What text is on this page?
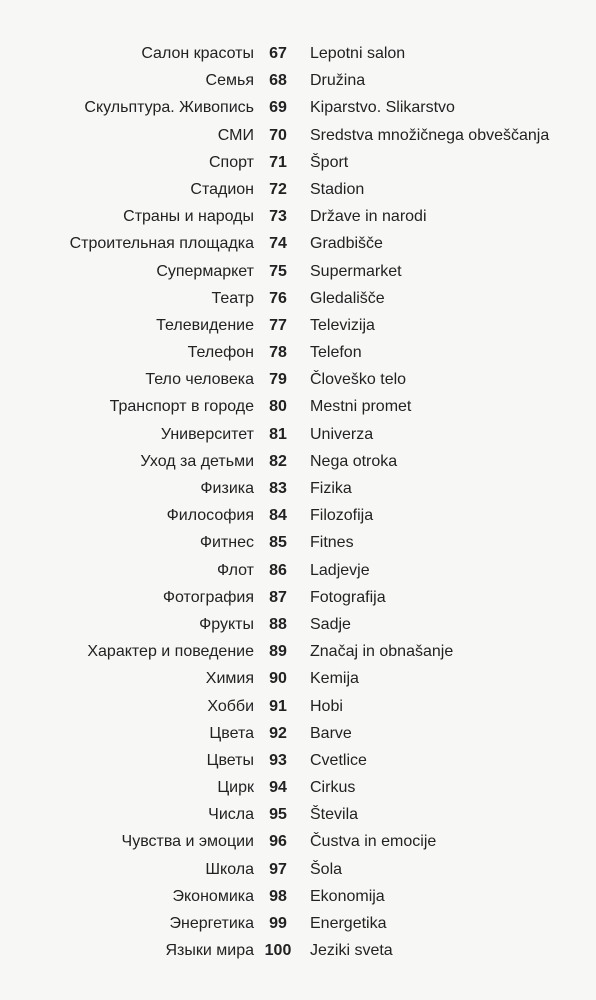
Салон красоты 67	Lepotni salon
Семья 68	Družina
Скульптура. Живопись 69	Kiparstvo. Slikarstvo
СМИ 70	Sredstva množičnega obveščanja
Спорт 71	Šport
Стадион 72	Stadion
Страны и народы 73	Države in narodi
Строительная площадка 74	Gradbišče
Супермаркет 75	Supermarket
Театр 76	Gledališče
Телевидение 77	Televizija
Телефон 78	Telefon
Тело человека 79	Človeško telo
Транспорт в городе 80	Mestni promet
Университет 81	Univerza
Уход за детьми 82	Nega otroka
Физика 83	Fizika
Философия 84	Filozofija
Фитнес 85	Fitnes
Флот 86	Ladjevje
Фотография 87	Fotografija
Фрукты 88	Sadje
Характер и поведение 89	Značaj in obnašanje
Химия 90	Kemija
Хобби 91	Hobi
Цвета 92	Barve
Цветы 93	Cvetlice
Цирк 94	Cirkus
Числа 95	Števila
Чувства и эмоции 96	Čustva in emocije
Школа 97	Šola
Экономика 98	Ekonomija
Энергетика 99	Energetika
Языки мира 100	Jeziki sveta
